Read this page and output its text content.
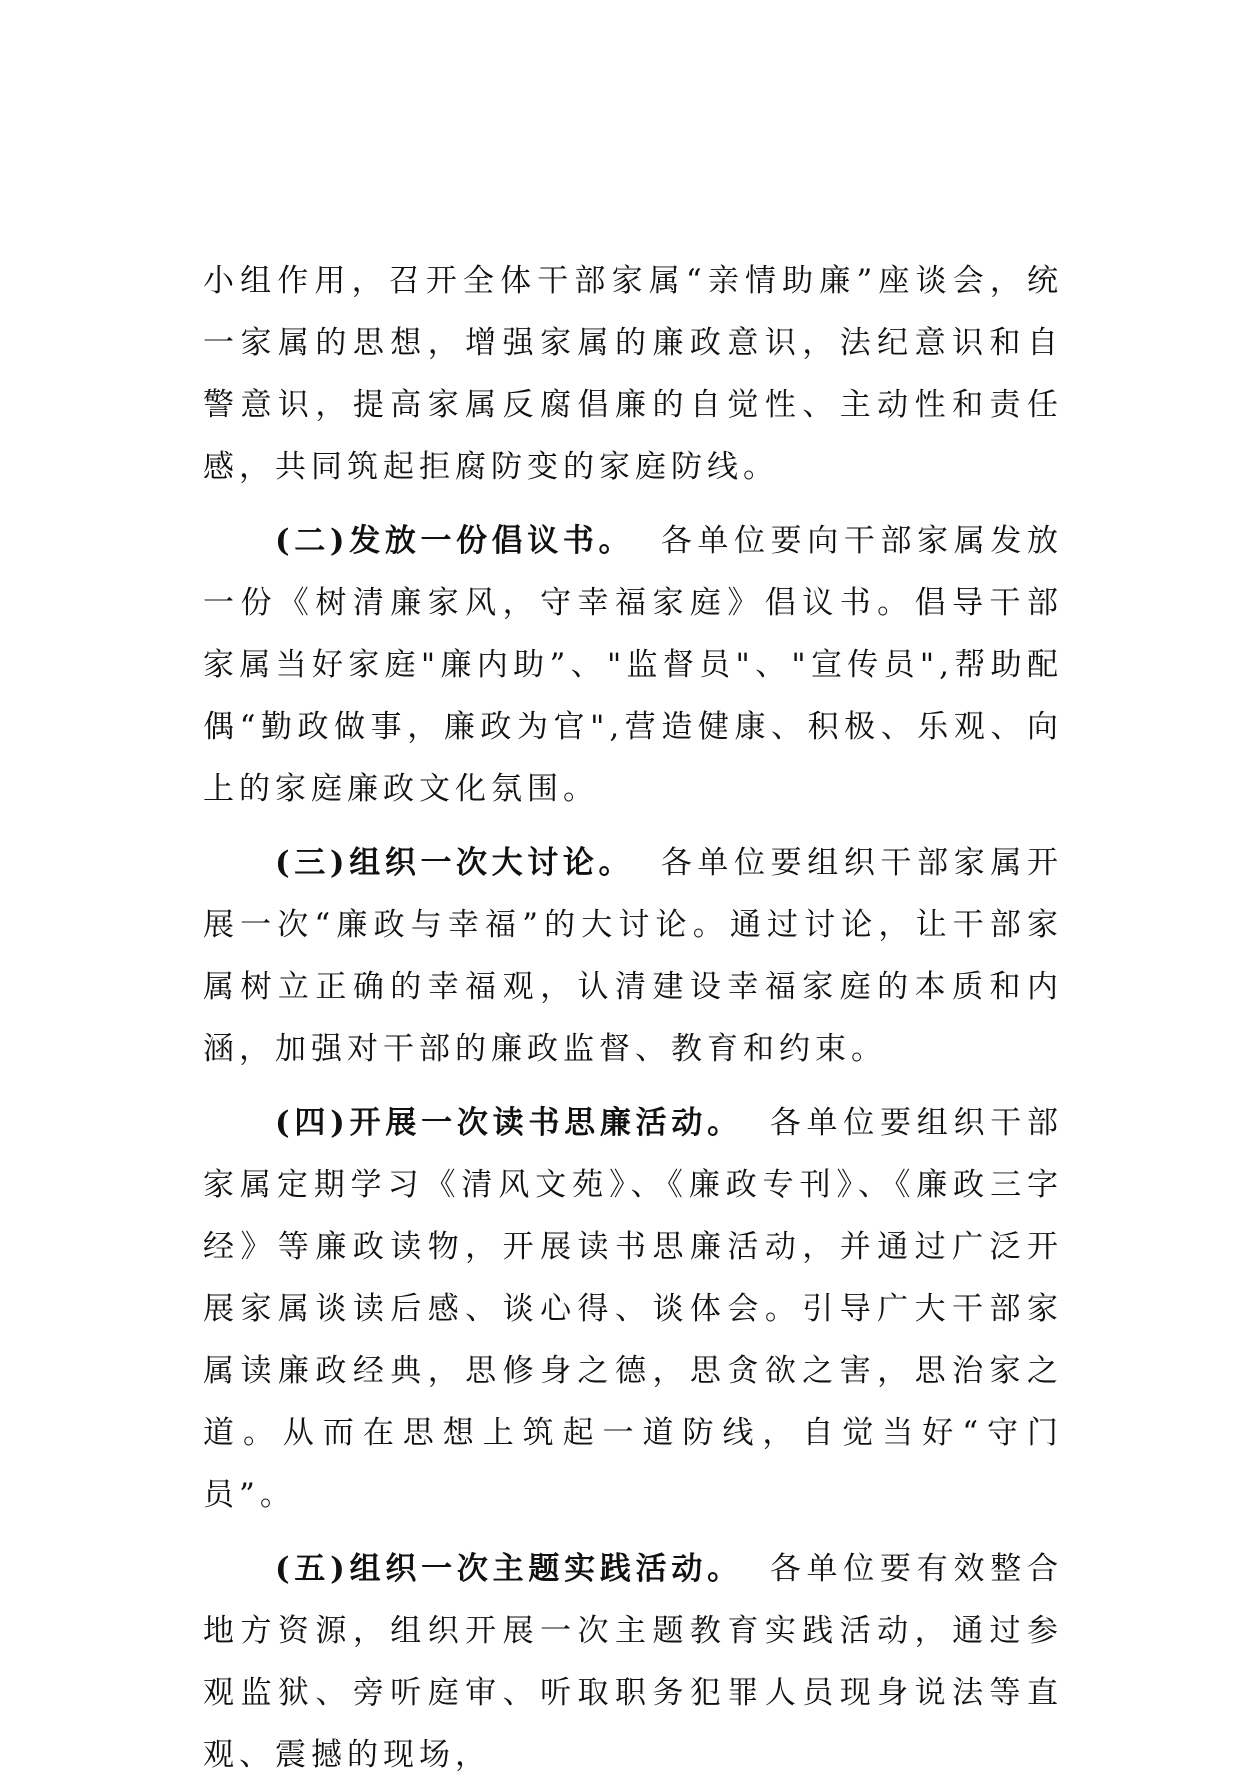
小组作用，召开全体干部家属“亲情助廉”座谈会，统一家属的思想，增强家属的廉政意识，法纪意识和自警意识，提高家属反腐倡廉的自觉性、主动性和责任感，共同筑起拒腐防变的家庭防线。

(二)发放一份倡议书。 各单位要向干部家属发放一份《树清廉家风，守幸福家庭》倡议书。倡导干部家属当好家庭"廉内助”、"监督员"、"宣传员",帮助配偶“勤政做事，廉政为官",营造健康、积极、乐观、向上的家庭廉政文化氛围。

(三)组织一次大讨论。 各单位要组织干部家属开展一次“廉政与幸福”的大讨论。通过讨论，让干部家属树立正确的幸福观，认清建设幸福家庭的本质和内涵，加强对干部的廉政监督、教育和约束。

(四)开展一次读书思廉活动。 各单位要组织干部家属定期学习《清风文苑》、《廉政专刊》、《廉政三字经》等廉政读物，开展读书思廉活动，并通过广泛开展家属谈读后感、谈心得、谈体会。引导广大干部家属读廉政经典，思修身之德，思贪欲之害，思治家之道。从而在思想上筑起一道防线，自觉当好“守门员”。

(五)组织一次主题实践活动。 各单位要有效整合地方资源，组织开展一次主题教育实践活动，通过参观监狱、旁听庭审、听取职务犯罪人员现身说法等直观、震撼的现场，
